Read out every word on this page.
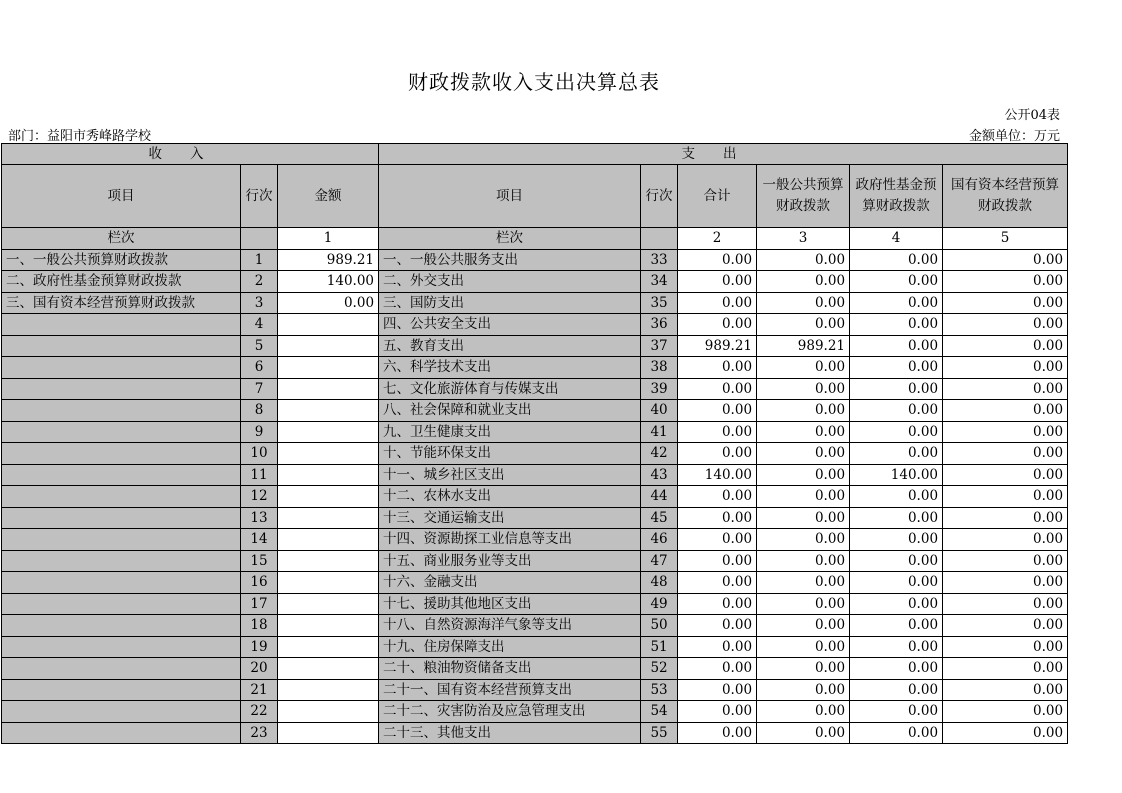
财政拨款收入支出决算总表
公开04表
部门：益阳市秀峰路学校	金额单位：万元
收入			支出					
项目	行次	金额	项目	行次	合计	一般公共预算财政拨款	政府性基金预算财政拨款	国有资本经营预算财政拨款
栏次		1	栏次		2	3	4	5
一、一般公共预算财政拨款	1	989.21	一、一般公共服务支出	33	0.00	0.00	0.00	0.00
二、政府性基金预算财政拨款	2	140.00	二、外交支出	34	0.00	0.00	0.00	0.00
三、国有资本经营预算财政拨款	3	0.00	三、国防支出	35	0.00	0.00	0.00	0.00
	4		四、公共安全支出	36	0.00	0.00	0.00	0.00
	5		五、教育支出	37	989.21	989.21	0.00	0.00
	6		六、科学技术支出	38	0.00	0.00	0.00	0.00
	7		七、文化旅游体育与传媒支出	39	0.00	0.00	0.00	0.00
	8		八、社会保障和就业支出	40	0.00	0.00	0.00	0.00
	9		九、卫生健康支出	41	0.00	0.00	0.00	0.00
	10		十、节能环保支出	42	0.00	0.00	0.00	0.00
	11		十一、城乡社区支出	43	140.00	0.00	140.00	0.00
	12		十二、农林水支出	44	0.00	0.00	0.00	0.00
	13		十三、交通运输支出	45	0.00	0.00	0.00	0.00
	14		十四、资源勘探工业信息等支出	46	0.00	0.00	0.00	0.00
	15		十五、商业服务业等支出	47	0.00	0.00	0.00	0.00
	16		十六、金融支出	48	0.00	0.00	0.00	0.00
	17		十七、援助其他地区支出	49	0.00	0.00	0.00	0.00
	18		十八、自然资源海洋气象等支出	50	0.00	0.00	0.00	0.00
	19		十九、住房保障支出	51	0.00	0.00	0.00	0.00
	20		二十、粮油物资储备支出	52	0.00	0.00	0.00	0.00
	21		二十一、国有资本经营预算支出	53	0.00	0.00	0.00	0.00
	22		二十二、灾害防治及应急管理支出	54	0.00	0.00	0.00	0.00
	23		二十三、其他支出	55	0.00	0.00	0.00	0.00
